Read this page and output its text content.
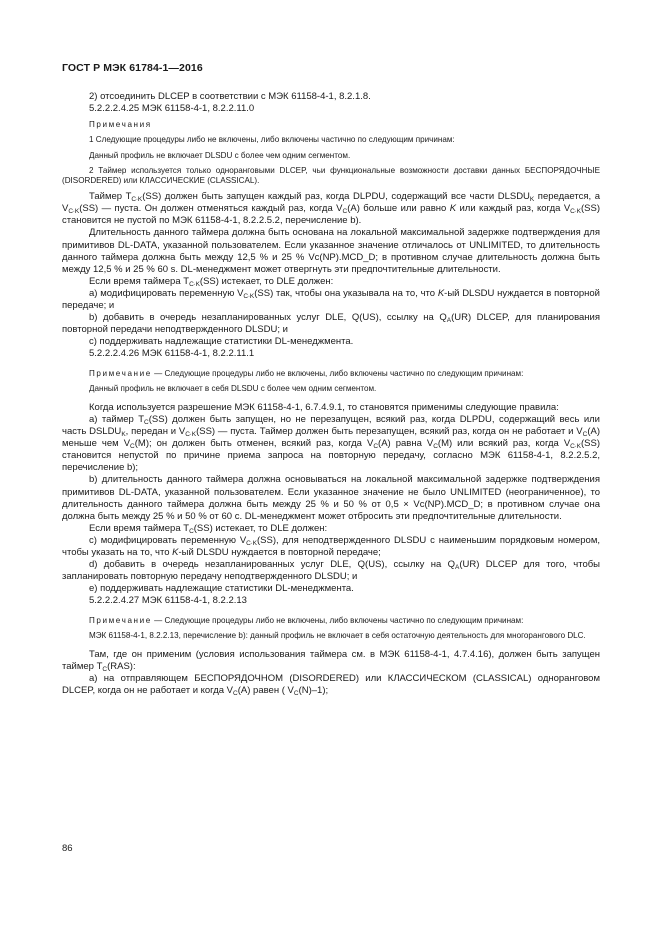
ГОСТ Р МЭК 61784-1—2016

2) отсоединить DLCEP в соответствии с МЭК 61158-4-1, 8.2.1.8.

5.2.2.2.4.25 МЭК 61158-4-1, 8.2.2.11.0

Примечания

1 Следующие процедуры либо не включены, либо включены частично по следующим причинам:

Данный профиль не включает DLSDU с более чем одним сегментом.

2 Таймер используется только одноранговыми DLCEP, чьи функциональные возможности доставки данных БЕСПОРЯДОЧНЫЕ (DISORDERED) или КЛАССИЧЕСКИЕ (CLASSICAL).

Таймер $T_{C\cdot K}(SS)$ должен быть запущен каждый раз, когда DLPDU, содержащий все части $DLSDU_K$ передается, а $V_{C\cdot K}(SS)$ — пуста. Он должен отменяться каждый раз, когда $V_C(A)$ больше или равно K или каждый раз, когда $V_{C\cdot K}(SS)$ становится не пустой по МЭК 61158-4-1, 8.2.2.5.2, перечисление b).

Длительность данного таймера должна быть основана на локальной максимальной задержке подтверждения для примитивов DL-DATA, указанной пользователем. Если указанное значение отличалось от UNLIMITED, то длительность данного таймера должна быть между 12,5 % и 25 % Vc(NP).MCD_D; в противном случае длительность должна быть между 12,5 % и 25 % 60 s. DL-менеджмент может отвергнуть эти предпочтительные длительности.

Если время таймера $T_{C\cdot K}(SS)$ истекает, то DLE должен:

а) модифицировать переменную $V_{C\cdot K}(SS)$ так, чтобы она указывала на то, что K-ый DLSDU нуждается в повторной передаче; и

b) добавить в очередь незапланированных услуг DLE, Q(US), ссылку на $Q_A(UR)$ DLCEP, для планирования повторной передачи неподтвержденного DLSDU; и

с) поддерживать надлежащие статистики DL-менеджмента.

5.2.2.2.4.26 МЭК 61158-4-1, 8.2.2.11.1

Примечание — Следующие процедуры либо не включены, либо включены частично по следующим причинам:

Данный профиль не включает в себя DLSDU с более чем одним сегментом.

Когда используется разрешение МЭК 61158-4-1, 6.7.4.9.1, то становятся применимы следующие правила:

а) таймер $T_C(SS)$ должен быть запущен, но не перезапущен, всякий раз, когда DLPDU, содержащий весь или часть $DSLDU_K$, передан и $V_{C\cdot K}(SS)$ — пуста. Таймер должен быть перезапущен, всякий раз, когда он не работает и $V_C(A)$ меньше чем $V_C(M)$; он должен быть отменен, всякий раз, когда $V_C(A)$ равна $V_C(M)$ или всякий раз, когда $V_{C\cdot K}(SS)$ становится непустой по причине приема запроса на повторную передачу, согласно МЭК 61158-4-1, 8.2.2.5.2, перечисление b);

b) длительность данного таймера должна основываться на локальной максимальной задержке подтверждения примитивов DL-DATA, указанной пользователем. Если указанное значение не было UNLIMITED (неограниченное), то длительность данного таймера должна быть между 25 % и 50 % от 0,5 × Vc(NP).MCD_D; в противном случае она должна быть между 25 % и 50 % от 60 с. DL-менеджмент может отбросить эти предпочтительные длительности.

Если время таймера $T_C(SS)$ истекает, то DLE должен:

с) модифицировать переменную $V_{C\cdot K}(SS)$, для неподтвержденного DLSDU с наименьшим порядковым номером, чтобы указать на то, что K-ый DLSDU нуждается в повторной передаче;

d) добавить в очередь незапланированных услуг DLE, Q(US), ссылку на $Q_A(UR)$ DLCEP для того, чтобы запланировать повторную передачу неподтвержденного DLSDU; и

е) поддерживать надлежащие статистики DL-менеджмента.

5.2.2.2.4.27 МЭК 61158-4-1, 8.2.2.13

Примечание — Следующие процедуры либо не включены, либо включены частично по следующим причинам:

МЭК 61158-4-1, 8.2.2.13, перечисление b): данный профиль не включает в себя остаточную деятельность для многорангового DLC.

Там, где он применим (условия использования таймера см. в МЭК 61158-4-1, 4.7.4.16), должен быть запущен таймер $T_C(RAS)$:

а) на отправляющем БЕСПОРЯДОЧНОМ (DISORDERED) или КЛАССИЧЕСКОМ (CLASSICAL) одноранговом DLCEP, когда он не работает и когда $V_C(A)$ равен ( $V_C(N)-1$);

86
